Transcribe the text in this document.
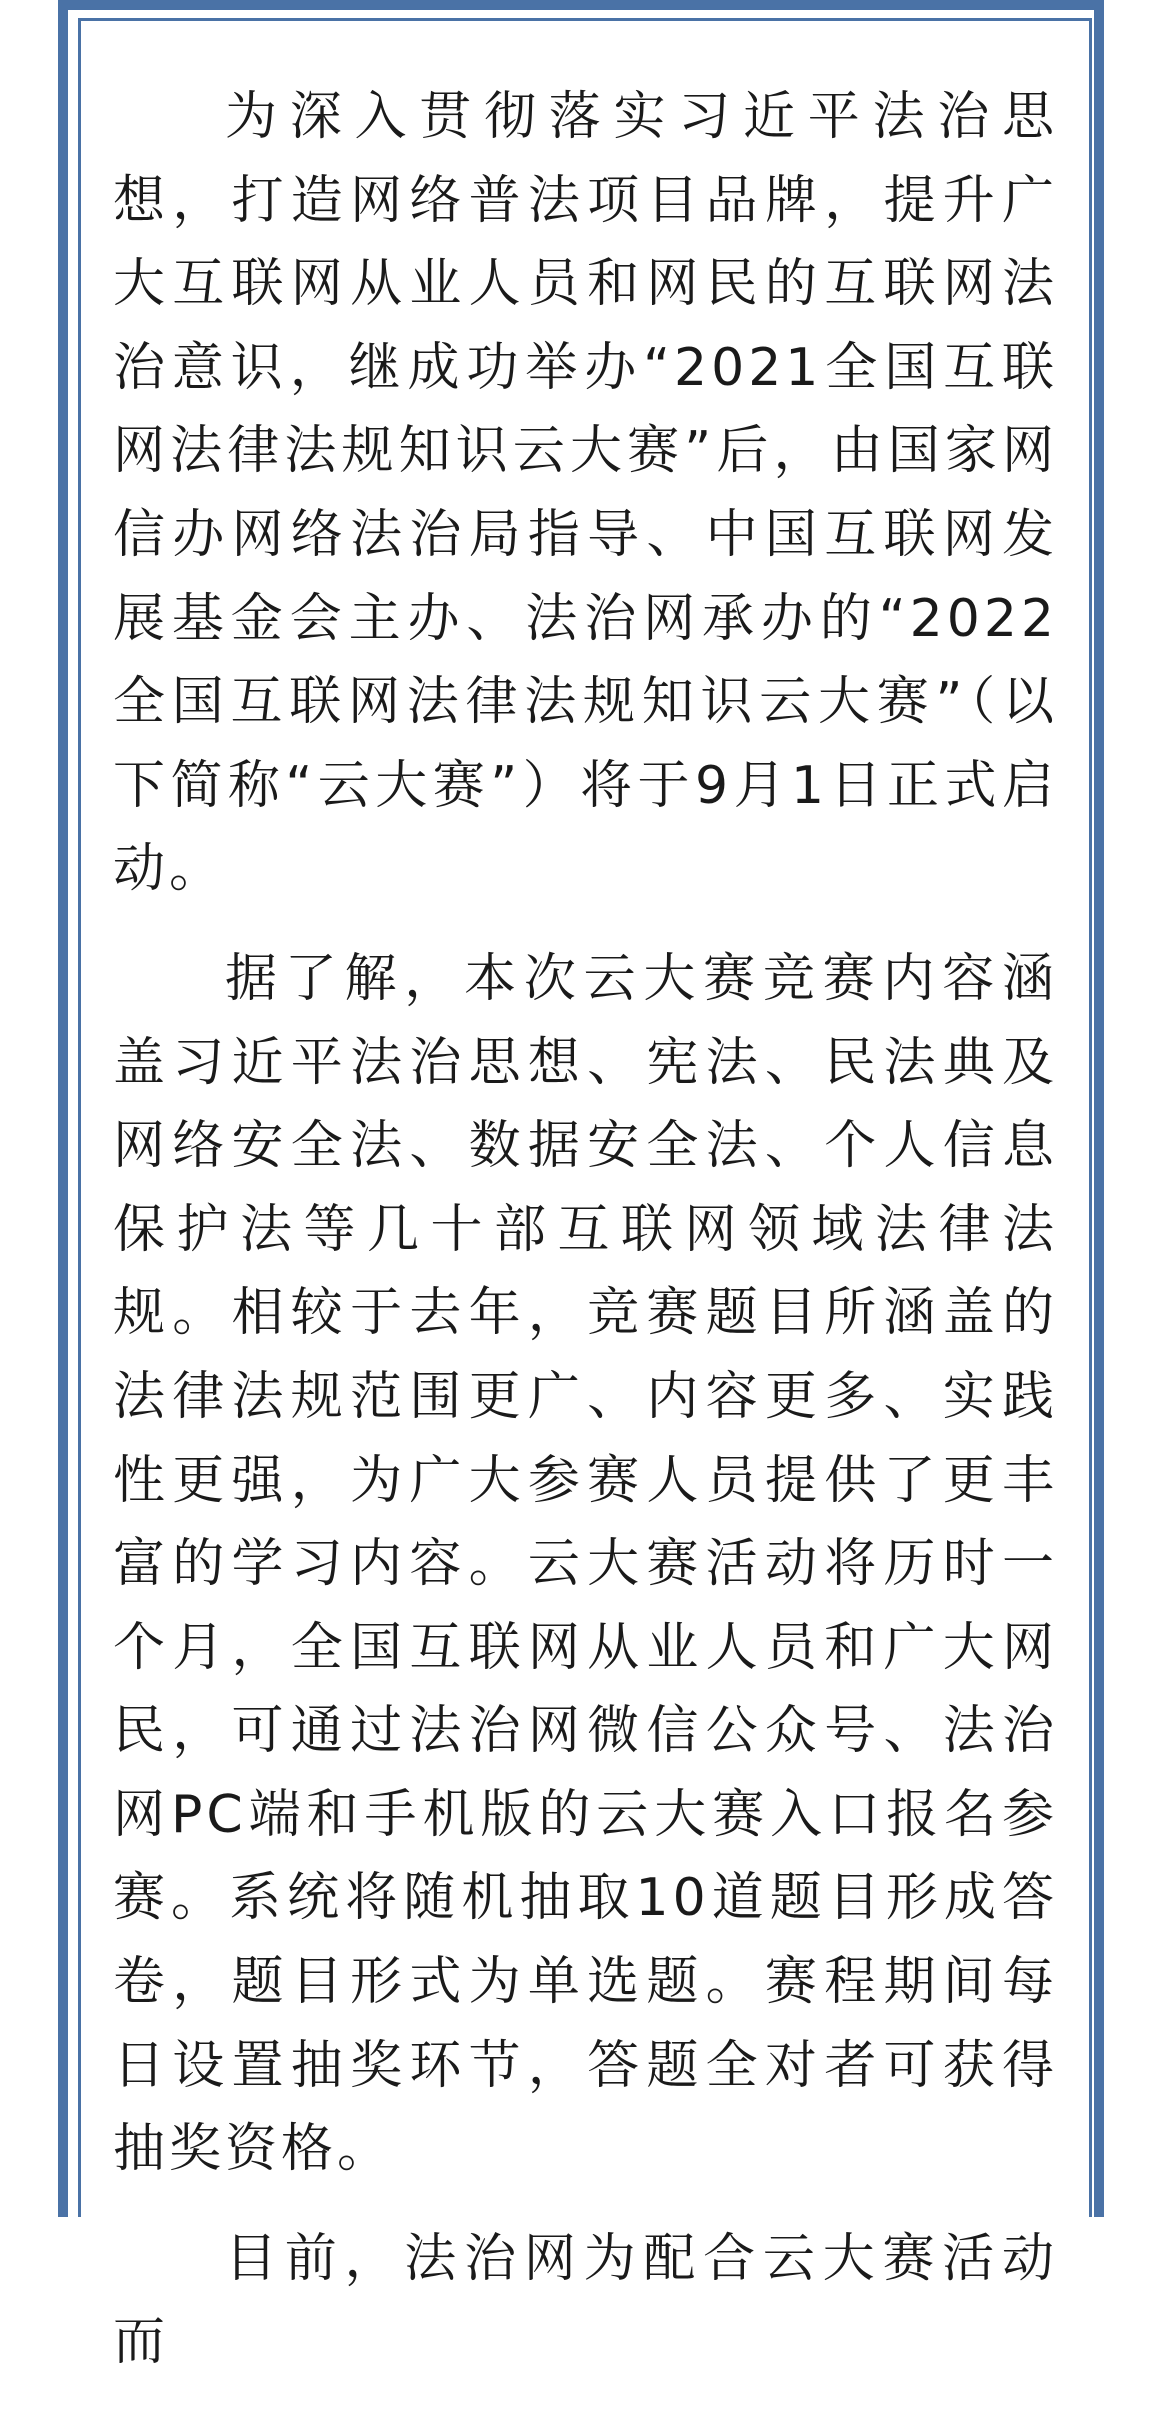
为深入贯彻落实习近平法治思想，打造网络普法项目品牌，提升广大互联网从业人员和网民的互联网法治意识，继成功举办“2021全国互联网法律法规知识云大赛”后，由国家网信办网络法治局指导、中国互联网发展基金会主办、法治网承办的“2022全国互联网法律法规知识云大赛”（以下简称“云大赛”）将于9月1日正式启动。

据了解，本次云大赛竞赛内容涵盖习近平法治思想、宪法、民法典及网络安全法、数据安全法、个人信息保护法等几十部互联网领域法律法规。相较于去年，竞赛题目所涵盖的法律法规范围更广、内容更多、实践性更强，为广大参赛人员提供了更丰富的学习内容。云大赛活动将历时一个月，全国互联网从业人员和广大网民，可通过法治网微信公众号、法治网PC端和手机版的云大赛入口报名参赛。系统将随机抽取10道题目形成答卷，题目形式为单选题。赛程期间每日设置抽奖环节，答题全对者可获得抽奖资格。

目前，法治网为配合云大赛活动而
